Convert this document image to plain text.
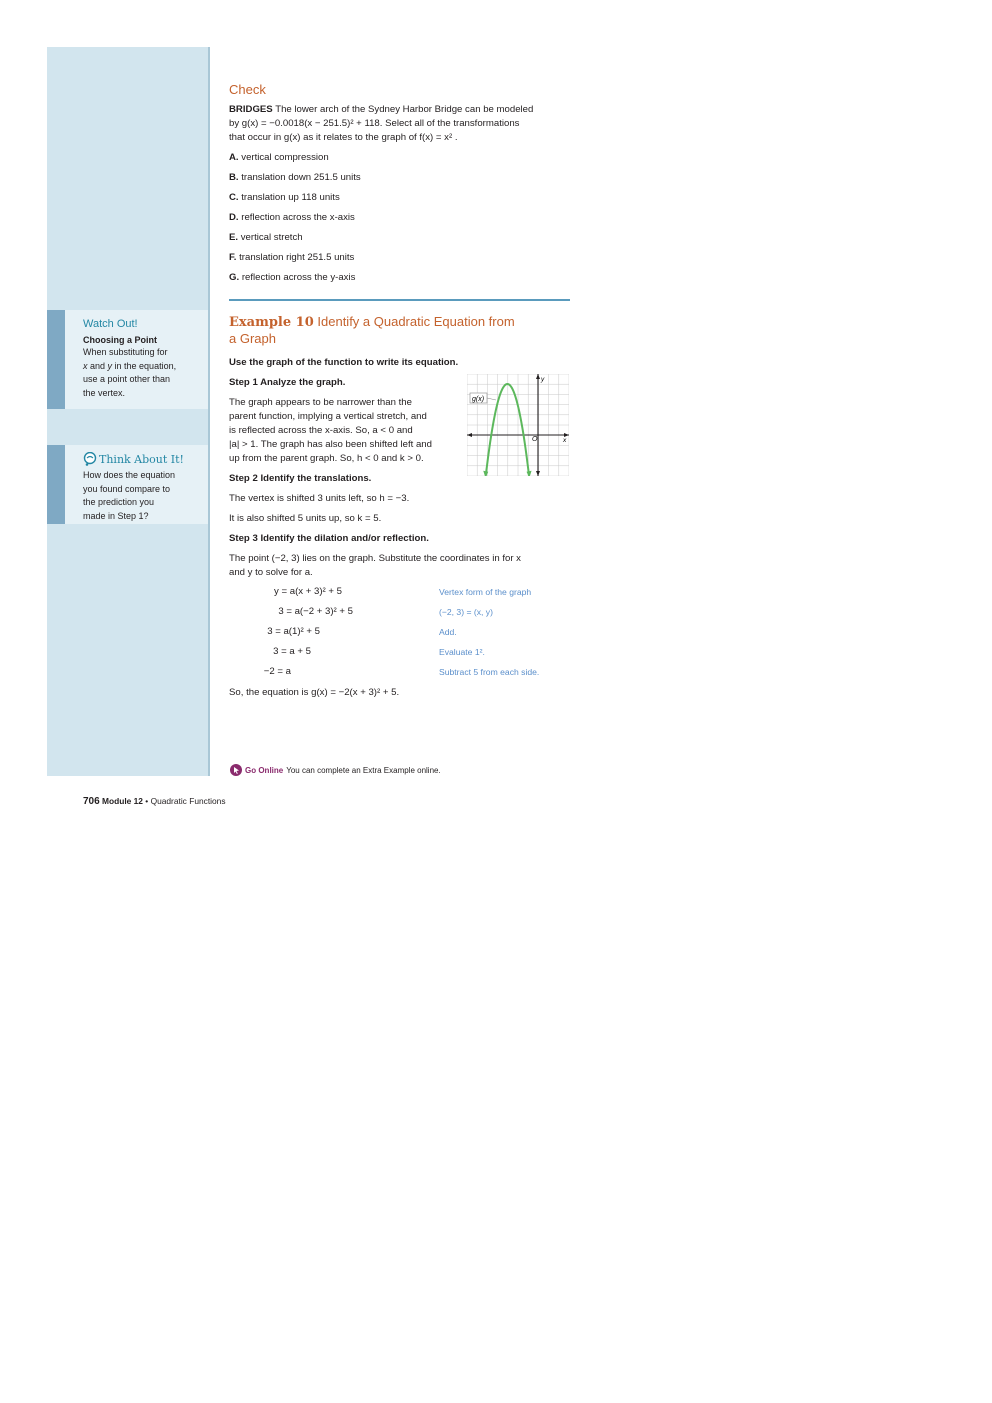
Watch Out!
Choosing a Point
When substituting for
x and y in the equation,
use a point other than
the vertex.
Think About It!
How does the equation
you found compare to
the prediction you
made in Step 1?
Check
BRIDGES The lower arch of the Sydney Harbor Bridge can be modeled
by g(x) = −0.0018(x − 251.5)² + 118. Select all of the transformations
that occur in g(x) as it relates to the graph of f(x) = x² .
A. vertical compression
B. translation down 251.5 units
C. translation up 118 units
D. reflection across the x-axis
E. vertical stretch
F. translation right 251.5 units
G. reflection across the y-axis
Example 10 Identify a Quadratic Equation from
a Graph
Use the graph of the function to write its equation.
Step 1 Analyze the graph.
The graph appears to be narrower than the
parent function, implying a vertical stretch, and
is reflected across the x-axis. So, a < 0 and
|a| > 1. The graph has also been shifted left and
up from the parent graph. So, h < 0 and k > 0.
g(x)
O	x
y
Step 2 Identify the translations.
The vertex is shifted 3 units left, so h = −3.
It is also shifted 5 units up, so k = 5.
Step 3 Identify the dilation and/or reflection.
The point (−2, 3) lies on the graph. Substitute the coordinates in for x
and y to solve for a.
y = a(x + 3)² + 5	Vertex form of the graph
3 = a(−2 + 3)² + 5	(−2, 3) = (x, y)
3 = a(1)² + 5	Add.
3 = a + 5	Evaluate 1².
−2 = a	Subtract 5 from each side.
So, the equation is g(x) = −2(x + 3)² + 5.
Go Online You can complete an Extra Example online.
706 Module 12 • Quadratic Functions
